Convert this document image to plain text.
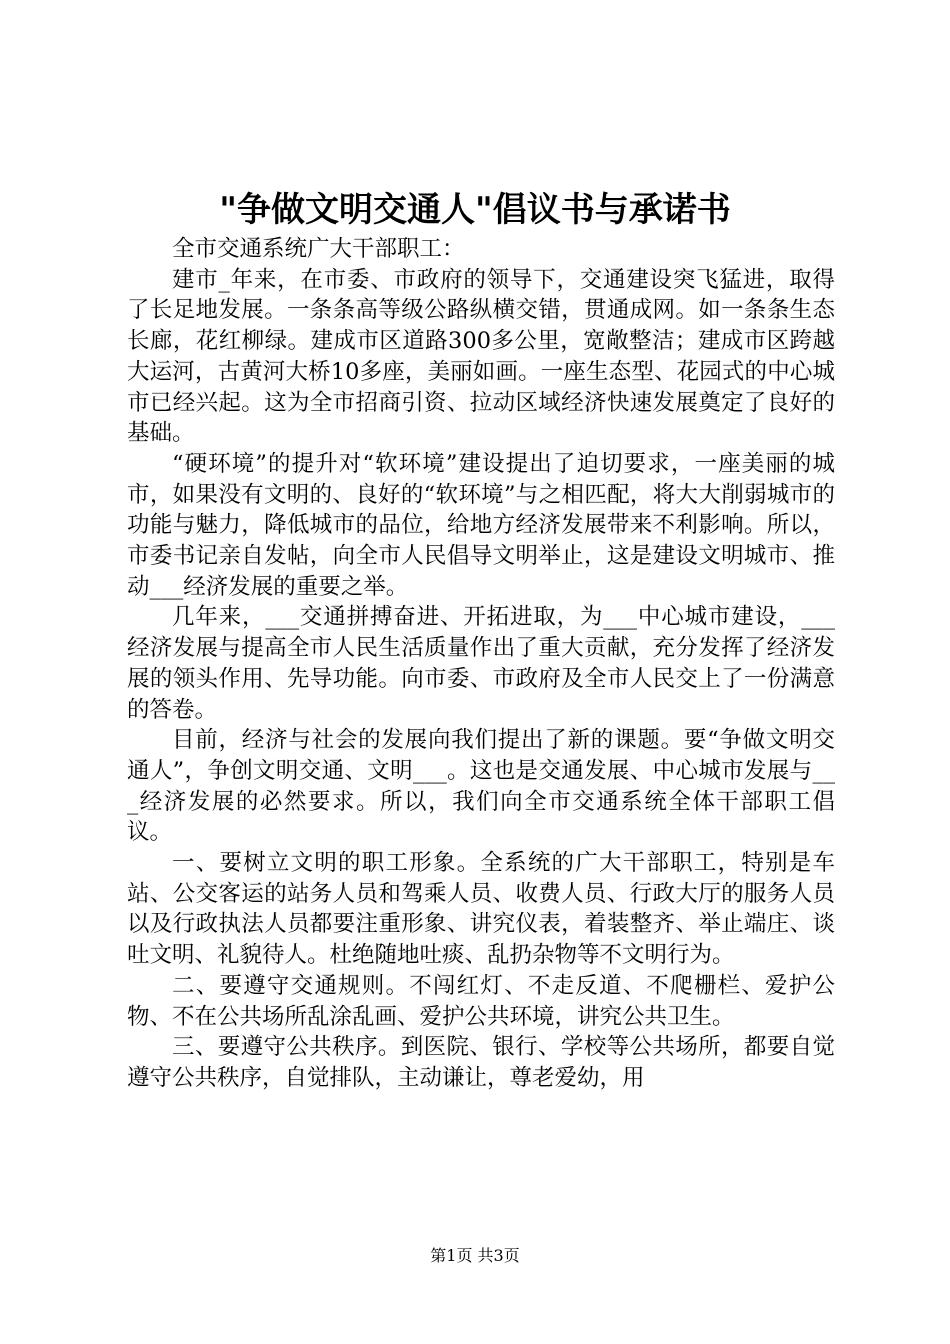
"争做文明交通人"倡议书与承诺书

全市交通系统广大干部职工：

建市_年来，在市委、市政府的领导下，交通建设突飞猛进，取得了长足地发展。一条条高等级公路纵横交错，贯通成网。如一条条生态长廊，花红柳绿。建成市区道路300多公里，宽敞整洁；建成市区跨越大运河，古黄河大桥10多座，美丽如画。一座生态型、花园式的中心城市已经兴起。这为全市招商引资、拉动区域经济快速发展奠定了良好的基础。

“硬环境”的提升对“软环境”建设提出了迫切要求，一座美丽的城市，如果没有文明的、良好的“软环境”与之相匹配，将大大削弱城市的功能与魅力，降低城市的品位，给地方经济发展带来不利影响。所以，市委书记亲自发帖，向全市人民倡导文明举止，这是建设文明城市、推动___经济发展的重要之举。

几年来，___交通拼搏奋进、开拓进取，为___中心城市建设，___经济发展与提高全市人民生活质量作出了重大贡献，充分发挥了经济发展的领头作用、先导功能。向市委、市政府及全市人民交上了一份满意的答卷。

目前，经济与社会的发展向我们提出了新的课题。要“争做文明交通人”，争创文明交通、文明___。这也是交通发展、中心城市发展与___经济发展的必然要求。所以，我们向全市交通系统全体干部职工倡议。

一、要树立文明的职工形象。全系统的广大干部职工，特别是车站、公交客运的站务人员和驾乘人员、收费人员、行政大厅的服务人员以及行政执法人员都要注重形象、讲究仪表，着装整齐、举止端庄、谈吐文明、礼貌待人。杜绝随地吐痰、乱扔杂物等不文明行为。

二、要遵守交通规则。不闯红灯、不走反道、不爬栅栏、爱护公物、不在公共场所乱涂乱画、爱护公共环境，讲究公共卫生。

三、要遵守公共秩序。到医院、银行、学校等公共场所，都要自觉遵守公共秩序，自觉排队，主动谦让，尊老爱幼，用

第1页 共3页
